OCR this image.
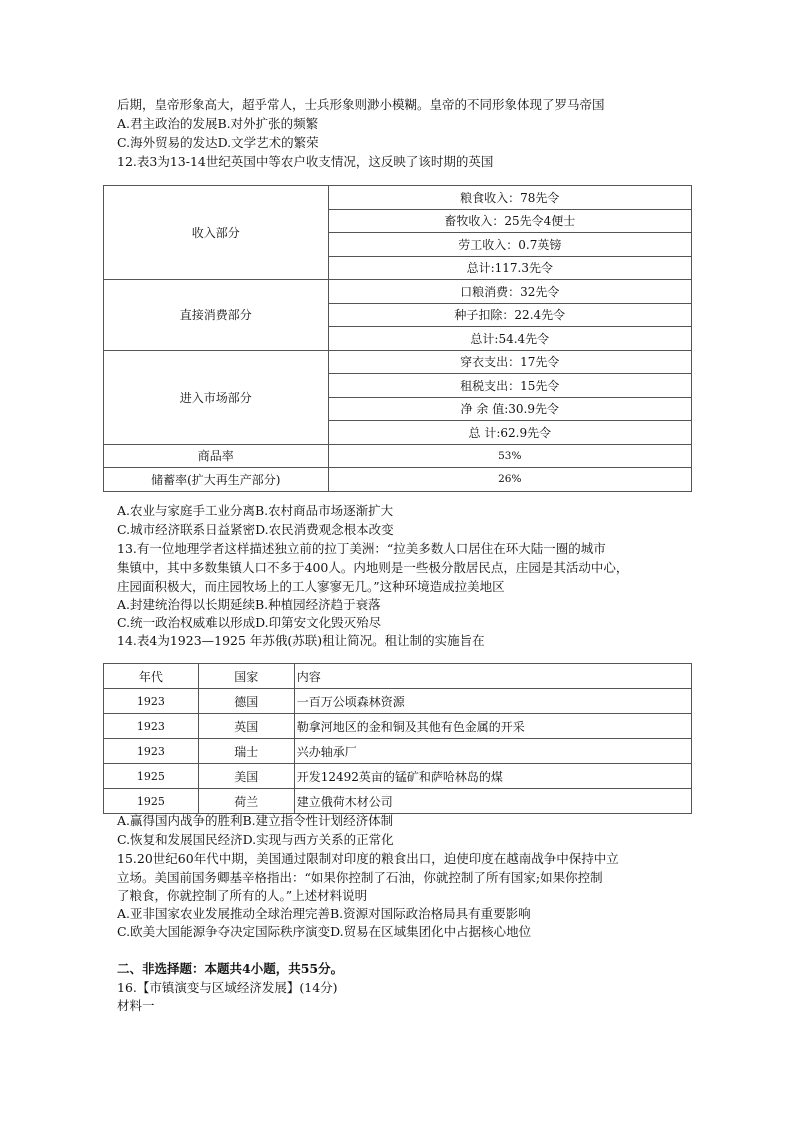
后期，皇帝形象高大，超乎常人，士兵形象则渺小模糊。皇帝的不同形象体现了罗马帝国
A.君主政治的发展B.对外扩张的频繁
C.海外贸易的发达D.文学艺术的繁荣
12.表3为13-14世纪英国中等农户收支情况，这反映了该时期的英国
收入部分	粮食收入：78先令
	畜牧收入：25先令4便士
	劳工收入：0.7英镑
	总计:117.3先令
直接消费部分	口粮消费：32先令
	种子扣除：22.4先令
	总计:54.4先令
进入市场部分	穿衣支出：17先令
	租税支出：15先令
	净 余 值:30.9先令
	总 计:62.9先令
商品率	53%
储蓄率(扩大再生产部分)	26%
A.农业与家庭手工业分离B.农村商品市场逐渐扩大
C.城市经济联系日益紧密D.农民消费观念根本改变
13.有一位地理学者这样描述独立前的拉丁美洲：“拉美多数人口居住在环大陆一圈的城市
集镇中，其中多数集镇人口不多于400人。内地则是一些极分散居民点，庄园是其活动中心，
庄园面积极大，而庄园牧场上的工人寥寥无几。”这种环境造成拉美地区
A.封建统治得以长期延续B.种植园经济趋于衰落
C.统一政治权威难以形成D.印第安文化毁灭殆尽
14.表4为1923—1925 年苏俄(苏联)租让简况。租让制的实施旨在
年代	国家	内容
1923	德国	一百万公顷森林资源
1923	英国	勒拿河地区的金和铜及其他有色金属的开采
1923	瑞士	兴办轴承厂
1925	美国	开发12492英亩的锰矿和萨哈林岛的煤
1925	荷兰	建立俄荷木材公司
A.赢得国内战争的胜利B.建立指令性计划经济体制
C.恢复和发展国民经济D.实现与西方关系的正常化
15.20世纪60年代中期，美国通过限制对印度的粮食出口，迫使印度在越南战争中保持中立
立场。美国前国务卿基辛格指出：“如果你控制了石油，你就控制了所有国家;如果你控制
了粮食，你就控制了所有的人。”上述材料说明
A.亚非国家农业发展推动全球治理完善B.资源对国际政治格局具有重要影响
C.欧美大国能源争夺决定国际秩序演变D.贸易在区域集团化中占据核心地位
二、非选择题：本题共4小题，共55分。
16.【市镇演变与区域经济发展】(14分)
材料一
